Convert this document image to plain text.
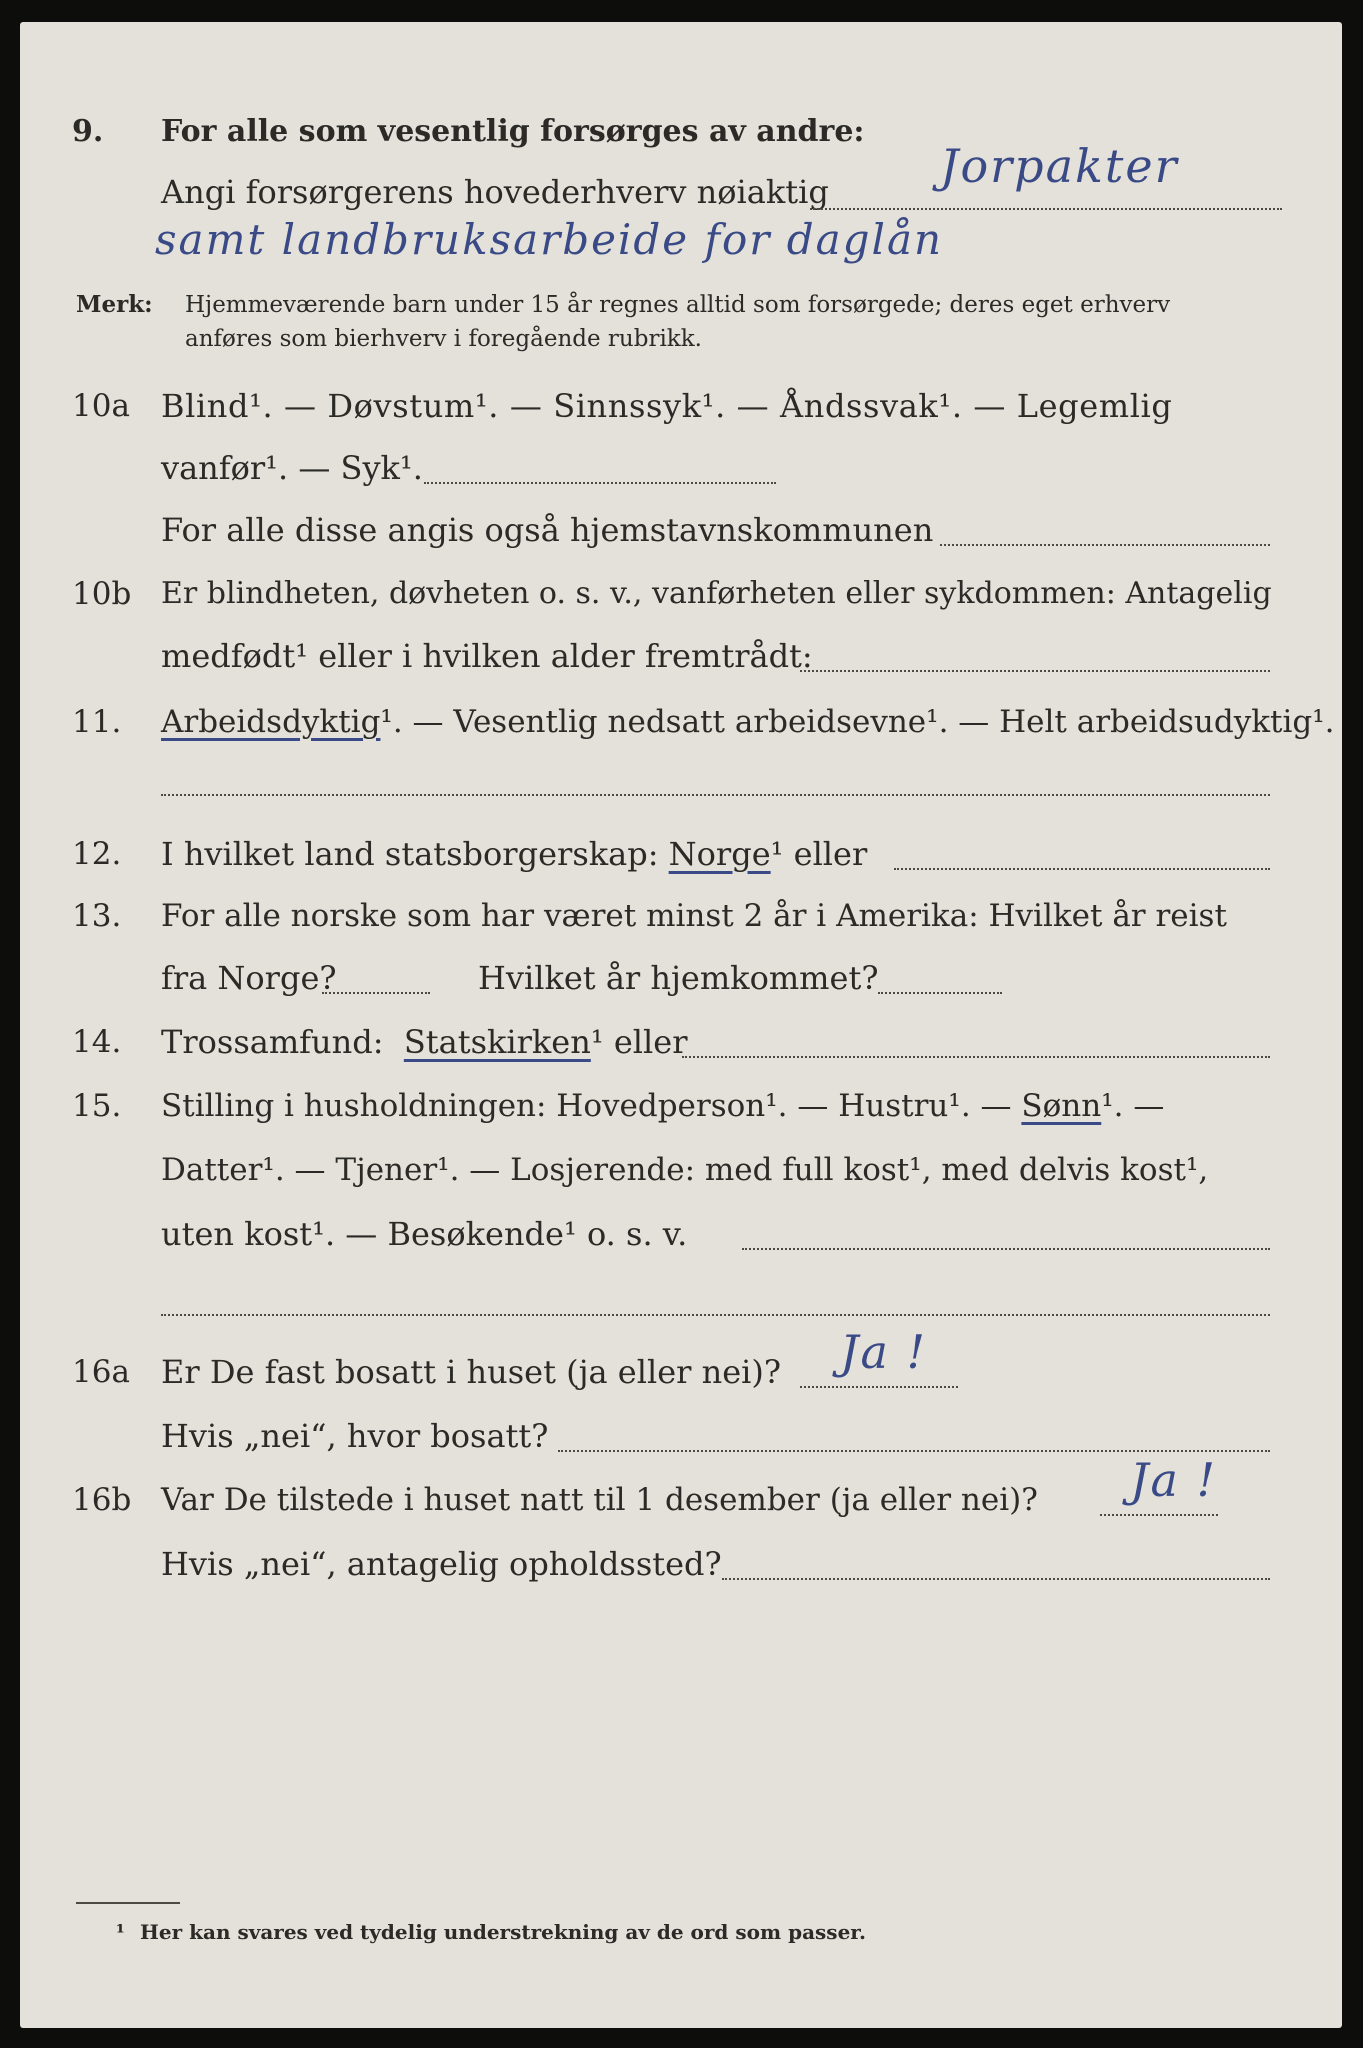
9. For alle som vesentlig forsørges av andre:
Angi forsørgerens hovederhverv nøiaktig Jorpakter
samt landbruksarbeide for daglån
Merk: Hjemmeværende barn under 15 år regnes alltid som forsørgede; deres eget erhverv
anføres som bierhverv i foregående rubrikk.
10a Blind¹. — Døvstum¹. — Sinnssyk¹. — Åndssvak¹. — Legemlig
vanfør¹. — Syk¹.
For alle disse angis også hjemstavnskommunen
10b Er blindheten, døvheten o. s. v., vanførheten eller sykdommen: Antagelig
medfødt¹ eller i hvilken alder fremtrådt:
11. Arbeidsdyktig¹. — Vesentlig nedsatt arbeidsevne¹. — Helt arbeidsudyktig¹.
12. I hvilket land statsborgerskap: Norge¹ eller
13. For alle norske som har været minst 2 år i Amerika: Hvilket år reist
fra Norge?	Hvilket år hjemkommet?
14. Trossamfund: Statskirken¹ eller
15. Stilling i husholdningen: Hovedperson¹. — Hustru¹. — Sønn¹. —
Datter¹. — Tjener¹. — Losjerende: med full kost¹, med delvis kost¹,
uten kost¹. — Besøkende¹ o. s. v.
16a Er De fast bosatt i huset (ja eller nei)? Ja !
Hvis „nei“, hvor bosatt?
16b Var De tilstede i huset natt til 1 desember (ja eller nei)? Ja !
Hvis „nei“, antagelig opholdssted?
¹ Her kan svares ved tydelig understrekning av de ord som passer.
